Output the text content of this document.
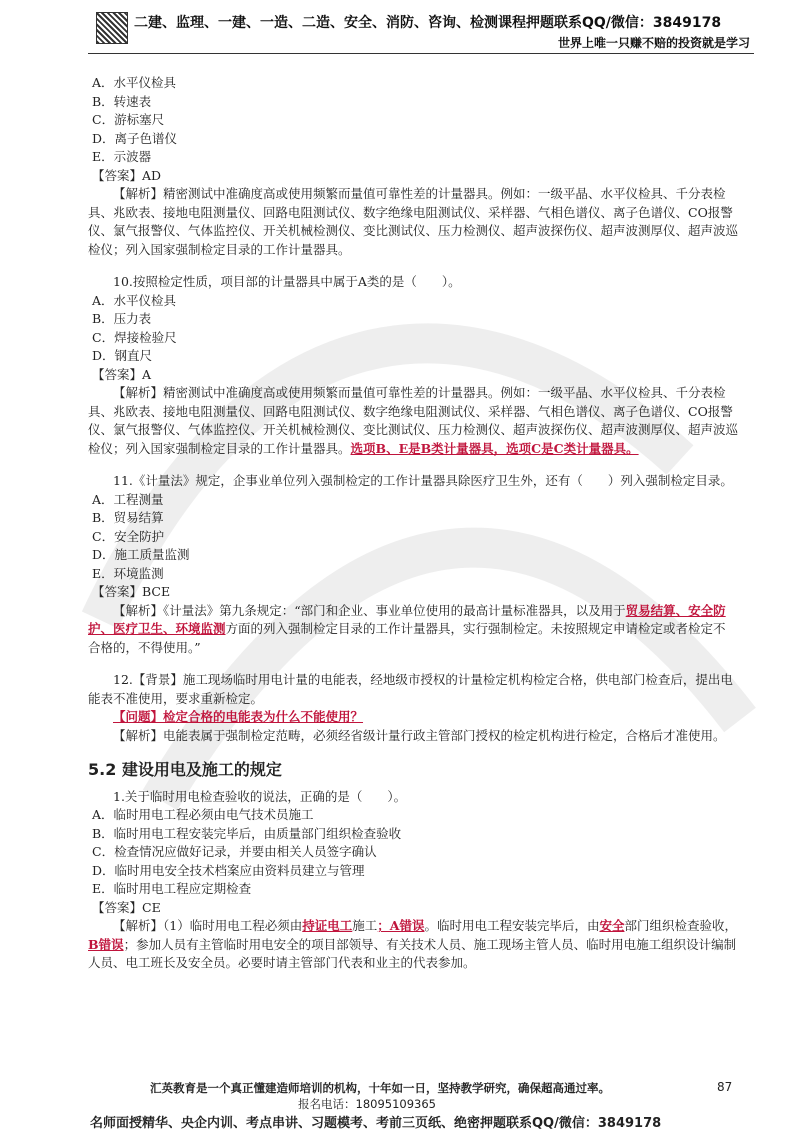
二建、监理、一建、一造、二造、安全、消防、咨询、检测课程押题联系QQ/微信：3849178
世界上唯一只赚不赔的投资就是学习
A．水平仪检具
B．转速表
C．游标塞尺
D．离子色谱仪
E．示波器
【答案】AD
【解析】精密测试中准确度高或使用频繁而量值可靠性差的计量器具。例如：一级平晶、水平仪检具、千分表检具、兆欧表、接地电阻测量仪、回路电阻测试仪、数字绝缘电阻测试仪、采样器、气相色谱仪、离子色谱仪、CO报警仪、氯气报警仪、气体监控仪、开关机械检测仪、变比测试仪、压力检测仪、超声波探伤仪、超声波测厚仪、超声波巡检仪；列入国家强制检定目录的工作计量器具。
10.按照检定性质，项目部的计量器具中属于A类的是（　　）。
A．水平仪检具
B．压力表
C．焊接检验尺
D．钢直尺
【答案】A
【解析】精密测试中准确度高或使用频繁而量值可靠性差的计量器具。例如：一级平晶、水平仪检具、千分表检具、兆欧表、接地电阻测量仪、回路电阻测试仪、数字绝缘电阻测试仪、采样器、气相色谱仪、离子色谱仪、CO报警仪、氯气报警仪、气体监控仪、开关机械检测仪、变比测试仪、压力检测仪、超声波探伤仪、超声波测厚仪、超声波巡检仪；列入国家强制检定目录的工作计量器具。选项B、E是B类计量器具，选项C是C类计量器具。
11.《计量法》规定，企事业单位列入强制检定的工作计量器具除医疗卫生外，还有（　　）列入强制检定目录。
A．工程测量
B．贸易结算
C．安全防护
D．施工质量监测
E．环境监测
【答案】BCE
【解析】《计量法》第九条规定：“部门和企业、事业单位使用的最高计量标准器具，以及用于贸易结算、安全防护、医疗卫生、环境监测方面的列入强制检定目录的工作计量器具，实行强制检定。未按照规定申请检定或者检定不合格的，不得使用。”
12.【背景】施工现场临时用电计量的电能表，经地级市授权的计量检定机构检定合格，供电部门检查后，提出电能表不准使用，要求重新检定。
【问题】检定合格的电能表为什么不能使用？
【解析】电能表属于强制检定范畴，必须经省级计量行政主管部门授权的检定机构进行检定，合格后才准使用。
5.2 建设用电及施工的规定
1.关于临时用电检查验收的说法，正确的是（　　）。
A．临时用电工程必须由电气技术员施工
B．临时用电工程安装完毕后，由质量部门组织检查验收
C．检查情况应做好记录，并要由相关人员签字确认
D．临时用电安全技术档案应由资料员建立与管理
E．临时用电工程应定期检查
【答案】CE
【解析】（1）临时用电工程必须由持证电工施工；A错误。临时用电工程安装完毕后，由安全部门组织检查验收，B错误；参加人员有主管临时用电安全的项目部领导、有关技术人员、施工现场主管人员、临时用电施工组织设计编制人员、电工班长及安全员。必要时请主管部门代表和业主的代表参加。
汇英教育是一个真正懂建造师培训的机构，十年如一日，坚持教学研究，确保超高通过率。	87
报名电话：18095109365
名师面授精华、央企内训、考点串讲、习题模考、考前三页纸、绝密押题联系QQ/微信：3849178
